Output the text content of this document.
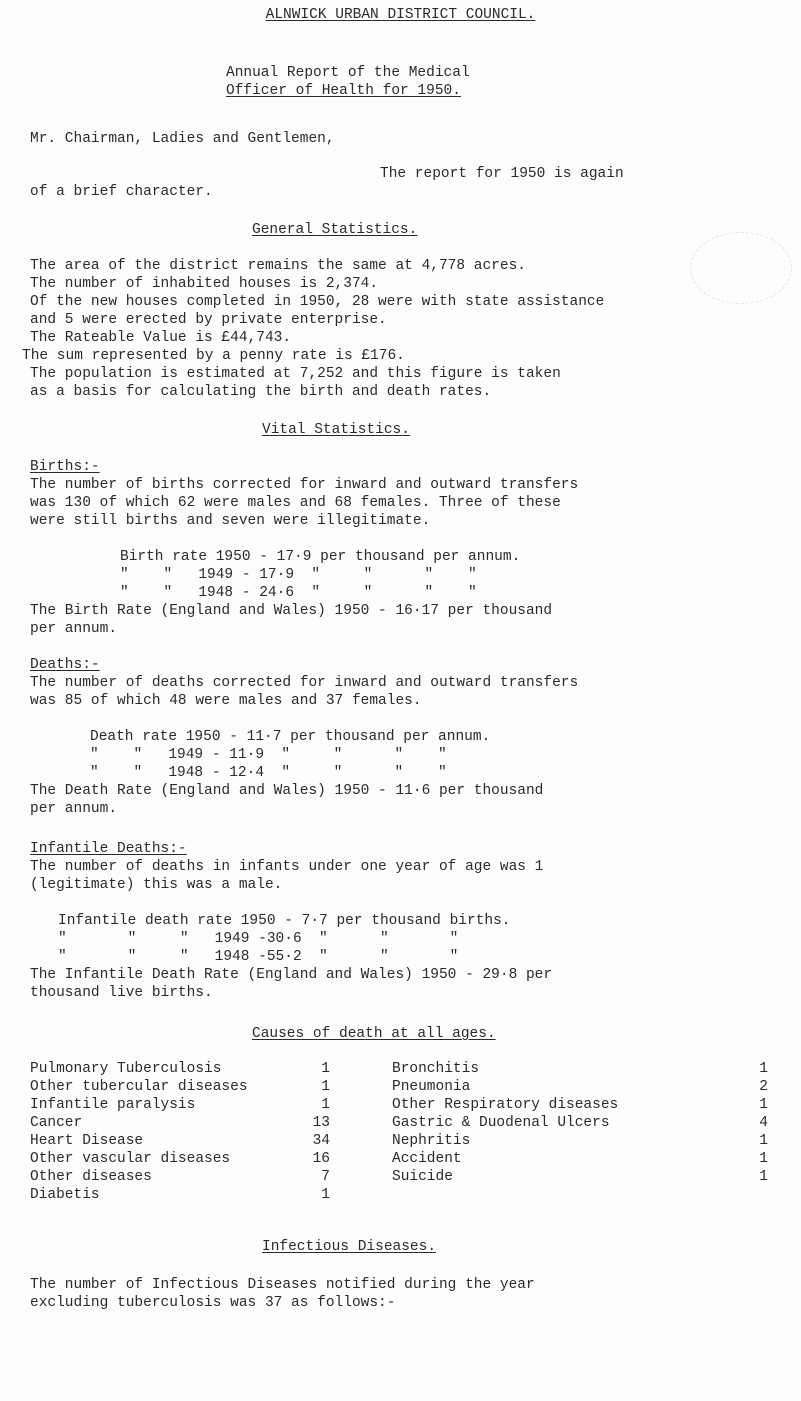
ALNWICK URBAN DISTRICT COUNCIL.
Annual Report of the Medical
Officer of Health for 1950.
Mr. Chairman, Ladies and Gentlemen,
The report for 1950 is again
of a brief character.
General Statistics.
The area of the district remains the same at 4,778 acres.
The number of inhabited houses is 2,374.
Of the new houses completed in 1950, 28 were with state assistance
and 5 were erected by private enterprise.
The Rateable Value is £44,743.
The sum represented by a penny rate is £176.
The population is estimated at 7,252 and this figure is taken
as a basis for calculating the birth and death rates.
Vital Statistics.
Births:-
The number of births corrected for inward and outward transfers
was 130 of which 62 were males and 68 females. Three of these
were still births and seven were illegitimate.
Birth rate 1950 - 17·9 per thousand per annum.
"    "   1949 - 17·9  "     "      "    "
"    "   1948 - 24·6  "     "      "    "
The Birth Rate (England and Wales) 1950 - 16·17 per thousand
per annum.
Deaths:-
The number of deaths corrected for inward and outward transfers
was 85 of which 48 were males and 37 females.
Death rate 1950 - 11·7 per thousand per annum.
"    "   1949 - 11·9  "     "      "    "
"    "   1948 - 12·4  "     "      "    "
The Death Rate (England and Wales) 1950 - 11·6 per thousand
per annum.
Infantile Deaths:-
The number of deaths in infants under one year of age was 1
(legitimate) this was a male.
Infantile death rate 1950 - 7·7 per thousand births.
"       "     "   1949 -30·6  "      "       "
"       "     "   1948 -55·2  "      "       "
The Infantile Death Rate (England and Wales) 1950 - 29·8 per
thousand live births.
Causes of death at all ages.
Pulmonary Tuberculosis
Other tubercular diseases
Infantile paralysis
Cancer
Heart Disease
Other vascular diseases
Other diseases
Diabetis
1
1
1
13
34
16
7
1
Bronchitis
Pneumonia
Other Respiratory diseases
Gastric & Duodenal Ulcers
Nephritis
Accident
Suicide
1
2
1
4
1
1
1
Infectious Diseases.
The number of Infectious Diseases notified during the year
excluding tuberculosis was 37 as follows:-
